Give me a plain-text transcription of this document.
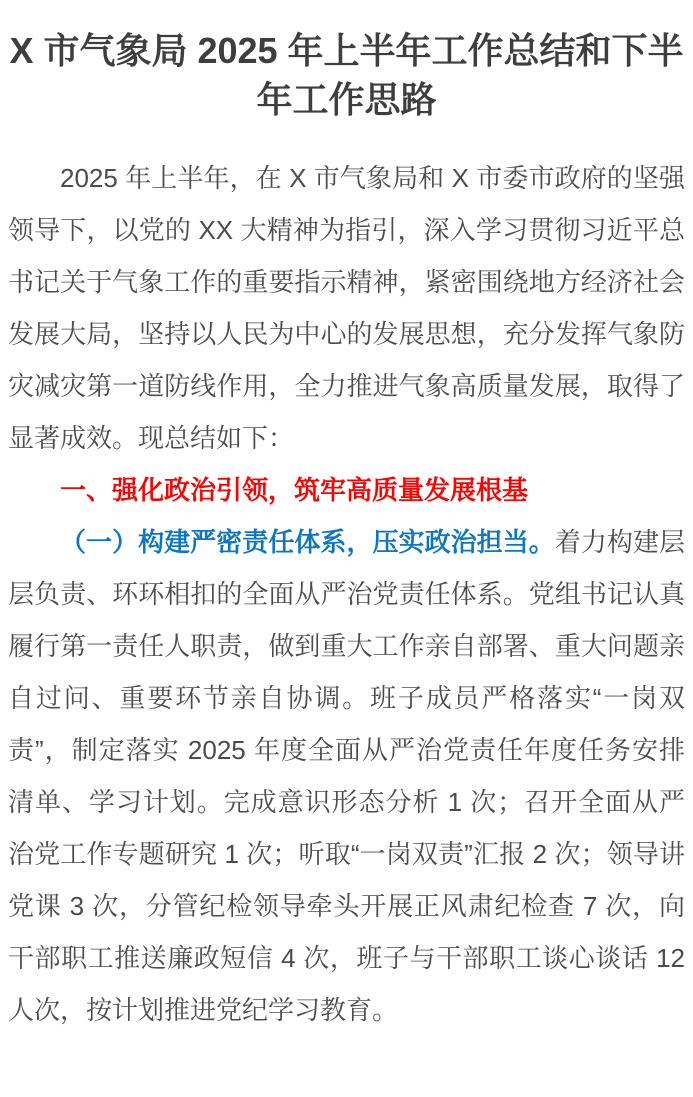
X 市气象局 2025 年上半年工作总结和下半年工作思路

2025 年上半年，在 X 市气象局和 X 市委市政府的坚强领导下，以党的 XX 大精神为指引，深入学习贯彻习近平总书记关于气象工作的重要指示精神，紧密围绕地方经济社会发展大局，坚持以人民为中心的发展思想，充分发挥气象防灾减灾第一道防线作用，全力推进气象高质量发展，取得了显著成效。现总结如下：

一、强化政治引领，筑牢高质量发展根基

（一）构建严密责任体系，压实政治担当。着力构建层层负责、环环相扣的全面从严治党责任体系。党组书记认真履行第一责任人职责，做到重大工作亲自部署、重大问题亲自过问、重要环节亲自协调。班子成员严格落实“一岗双责”，制定落实 2025 年度全面从严治党责任年度任务安排清单、学习计划。完成意识形态分析 1 次；召开全面从严治党工作专题研究 1 次；听取“一岗双责”汇报 2 次；领导讲党课 3 次，分管纪检领导牵头开展正风肃纪检查 7 次，向干部职工推送廉政短信 4 次，班子与干部职工谈心谈话 12 人次，按计划推进党纪学习教育。
